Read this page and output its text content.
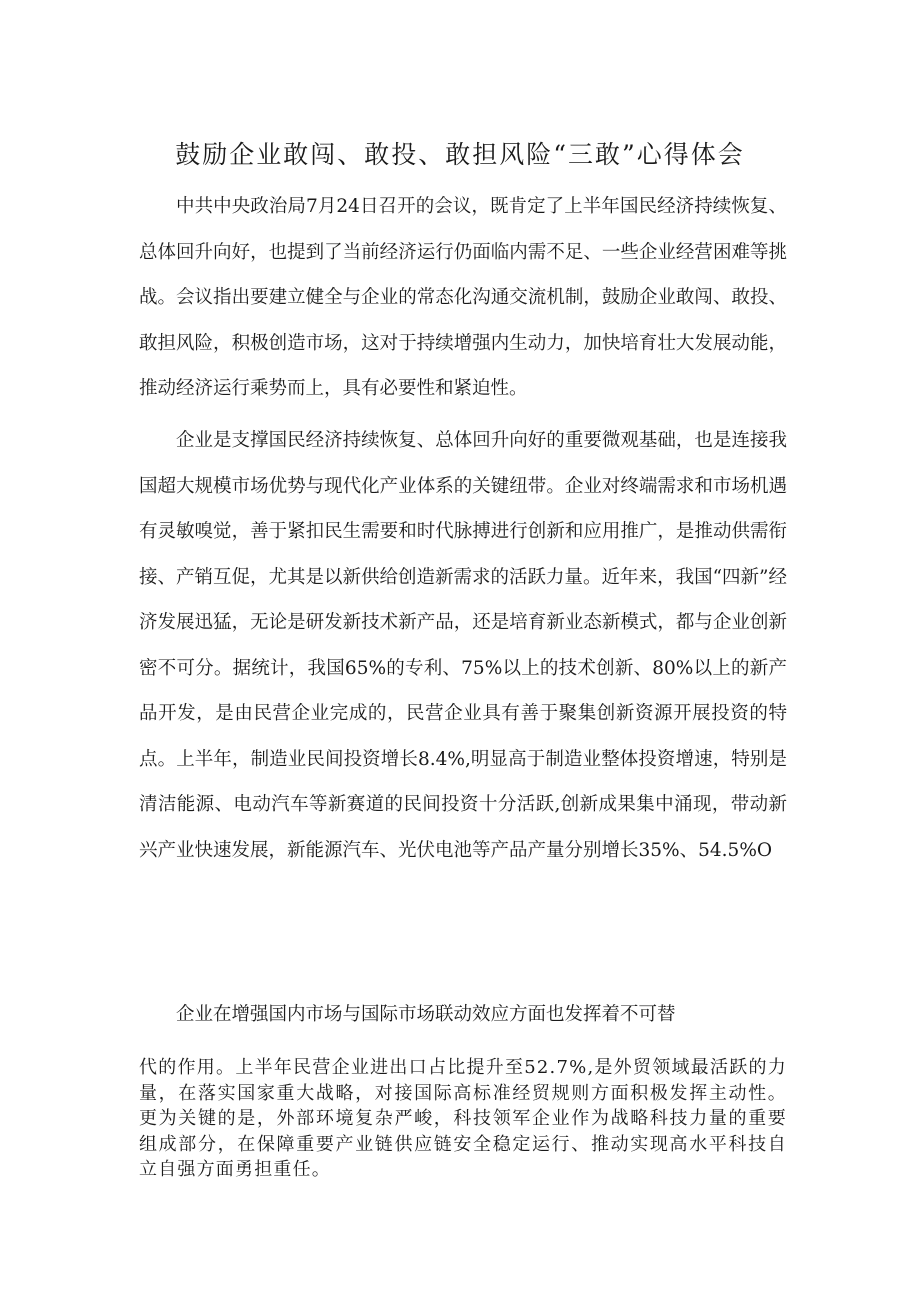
鼓励企业敢闯、敢投、敢担风险“三敢”心得体会

中共中央政治局7月24日召开的会议，既肯定了上半年国民经济持续恢复、总体回升向好，也提到了当前经济运行仍面临内需不足、一些企业经营困难等挑战。会议指出要建立健全与企业的常态化沟通交流机制，鼓励企业敢闯、敢投、敢担风险，积极创造市场，这对于持续增强内生动力，加快培育壮大发展动能，推动经济运行乘势而上，具有必要性和紧迫性。

企业是支撑国民经济持续恢复、总体回升向好的重要微观基础，也是连接我国超大规模市场优势与现代化产业体系的关键纽带。企业对终端需求和市场机遇有灵敏嗅觉，善于紧扣民生需要和时代脉搏进行创新和应用推广，是推动供需衔接、产销互促，尤其是以新供给创造新需求的活跃力量。近年来，我国“四新”经济发展迅猛，无论是研发新技术新产品，还是培育新业态新模式，都与企业创新密不可分。据统计，我国65%的专利、75%以上的技术创新、80%以上的新产品开发，是由民营企业完成的，民营企业具有善于聚集创新资源开展投资的特点。上半年，制造业民间投资增长8.4%,明显高于制造业整体投资增速，特别是清洁能源、电动汽车等新赛道的民间投资十分活跃,创新成果集中涌现，带动新兴产业快速发展，新能源汽车、光伏电池等产品产量分别增长35%、54.5%O

企业在增强国内市场与国际市场联动效应方面也发挥着不可替

代的作用。上半年民营企业进出口占比提升至52.7%,是外贸领域最活跃的力量，在落实国家重大战略，对接国际高标准经贸规则方面积极发挥主动性。更为关键的是，外部环境复杂严峻，科技领军企业作为战略科技力量的重要组成部分，在保障重要产业链供应链安全稳定运行、推动实现高水平科技自立自强方面勇担重任。
